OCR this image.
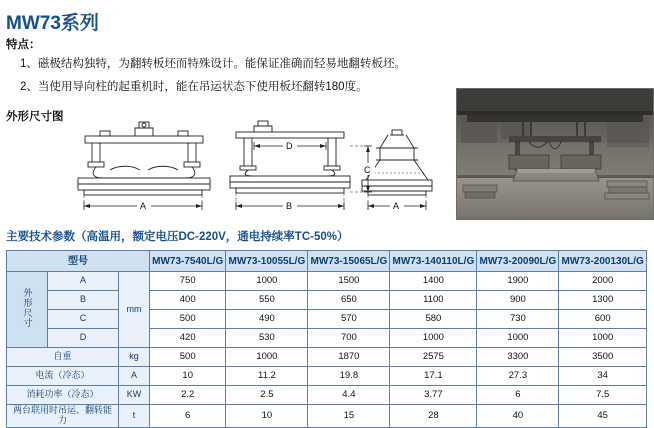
MW73系列
特点：
1、磁极结构独特，为翻转板坯而特殊设计。能保证准确而轻易地翻转板坯。
2、当使用导向柱的起重机时，能在吊运状态下使用板坯翻转180度。
外形尺寸图
A
D
B
C
A
主要技术参数（高温用，额定电压DC-220V，通电持续率TC-50%）
型号			MW73-7540L/G	MW73-10055L/G	MW73-15065L/G	MW73-140110L/G	MW73-20090L/G	MW73-200130L/G
外形尺寸	A	mm	750	1000	1500	1400	1900	2000
	B		400	550	650	1100	900	1300
	C		500	490	570	580	730	600
	D		420	530	700	1000	1000	1000
自重		kg	500	1000	1870	2575	3300	3500
电流（冷态）		A	10	11.2	19.8	17.1	27.3	34
消耗功率（冷态）		KW	2.2	2.5	4.4	3.77	6	7.5
两台联用时吊运、翻转能力		t	6	10	15	28	40	45
